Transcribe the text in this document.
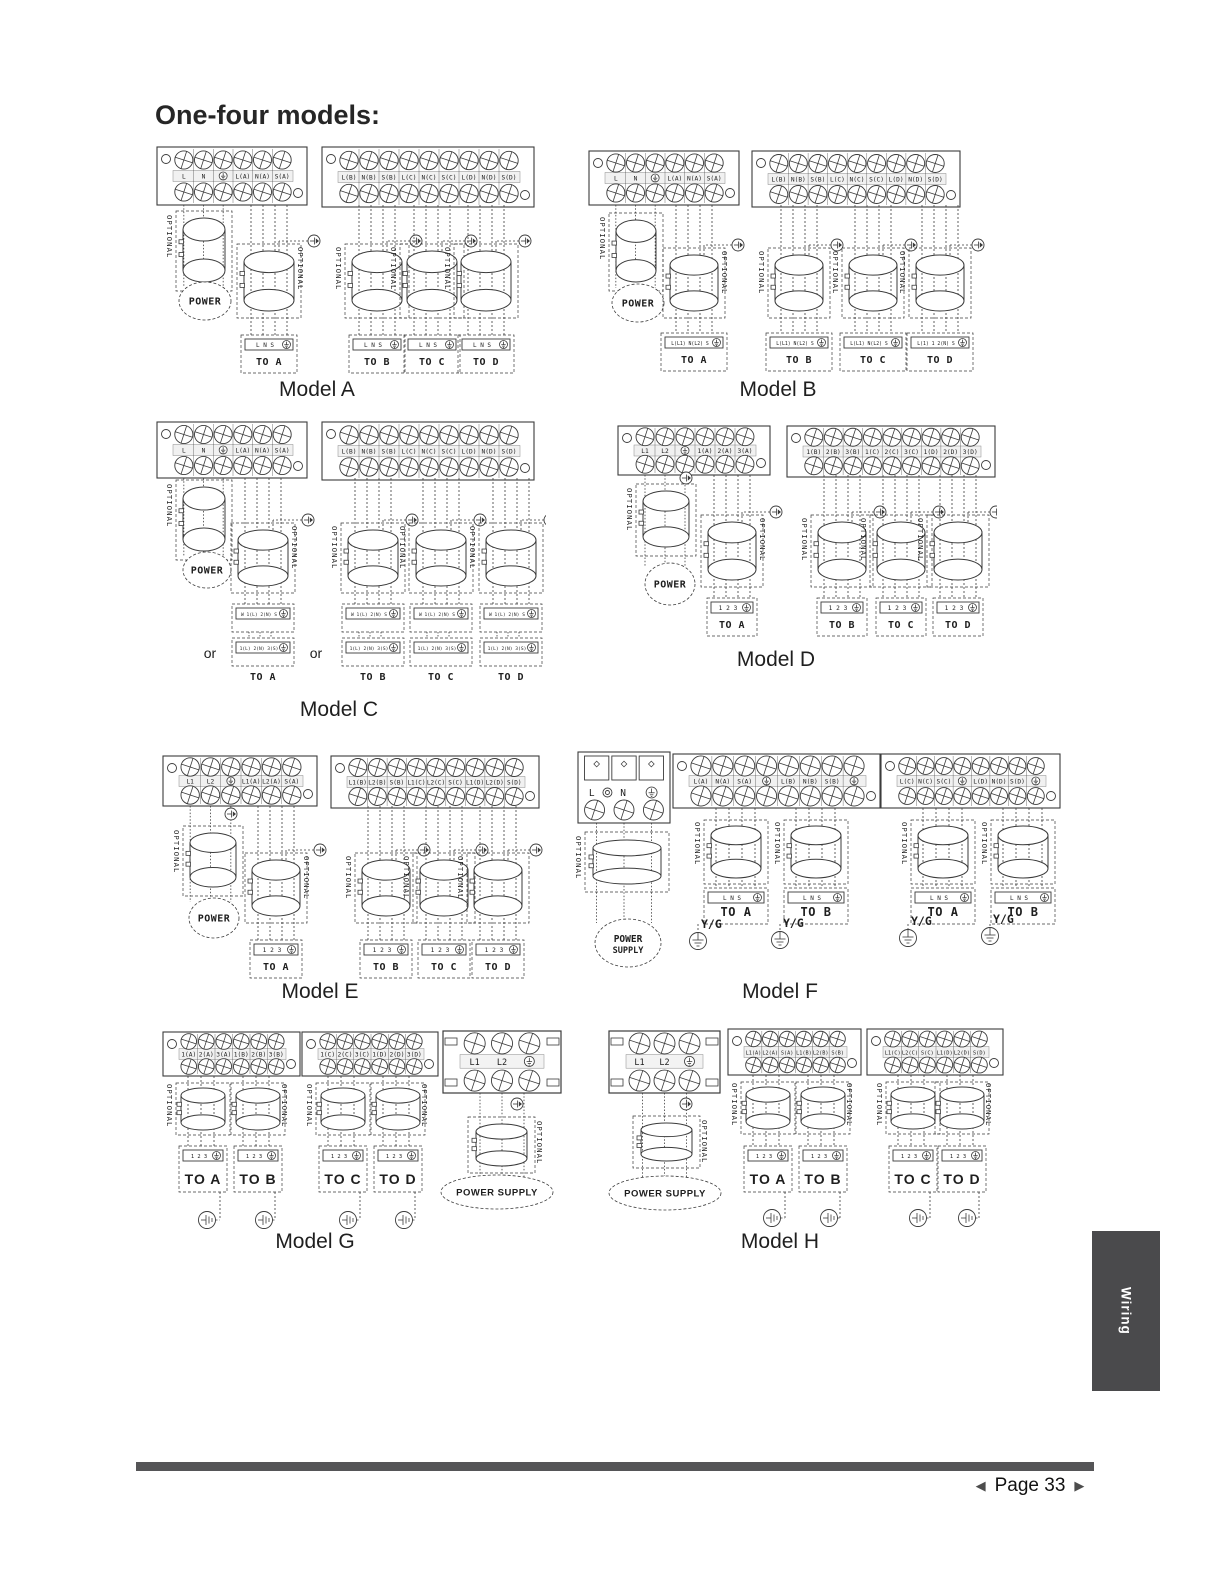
One-four models:
L	N	L(A) N(A) S(A)	L(B) N(B) S(B) L(C) N(C) S(C) L(D) N(D) S(D)
OPTIONAL
POWER
OPTIONAL
L N S
TO A
OPTIONAL
L N S
TO B
OPTIONAL
L N S
TO C
OPTIONAL
L N S
TO D
L	N	L(A) N(A) S(A)	L(B) N(B) S(B) L(C) N(C) S(C) L(D) N(D) S(D)
OPTIONAL
POWER
OPTIONAL
L(L1) N(L2) S
TO A
OPTIONAL
L(L1) N(L2) S
TO B
OPTIONAL
L(L1) N(L2) S
TO C
OPTIONAL
L(1) 1 2(N) S
TO D
L	N	L(A) N(A) S(A)	L(B) N(B) S(B) L(C) N(C) S(C) L(D) N(D) S(D)
OPTIONAL
POWER
OPTIONAL
W 1(L) 2(N) S
1(L) 2(N) 3(S)
TO A
OPTIONAL
W 1(L) 2(N) S
1(L) 2(N) 3(S)
TO B
OPTIONAL
W 1(L) 2(N) S
1(L) 2(N) 3(S)
TO C
OPTIONAL
W 1(L) 2(N) S
1(L) 2(N) 3(S)
TO D
or	or
L1 L2	1(A) 2(A) 3(A)	1(B) 2(B) 3(B) 1(C) 2(C) 3(C) 1(D) 2(D) 3(D)
OPTIONAL
POWER
OPTIONAL
1 2 3
TO A
OPTIONAL
1 2 3
TO B
OPTIONAL
1 2 3
TO C
OPTIONAL
1 2 3
TO D
L1 L2	L1(A) L2(A) S(A)	L1(B) L2(B) S(B) L1(C) L2(C) S(C) L1(D) L2(D) S(D)
OPTIONAL
POWER
OPTIONAL
1 2 3
TO A
OPTIONAL
1 2 3
TO B
OPTIONAL
1 2 3
TO C
OPTIONAL
1 2 3
TO D
L	N
OPTIONAL
POWER
SUPPLY
L(A) N(A) S(A)	L(B) N(B) S(B)	L(C) N(C) S(C)	L(D) N(D) S(D)
OPTIONAL
L N S
TO A
Y/G
OPTIONAL
L N S
TO B
Y/G
OPTIONAL
L N S
TO A
Y/G
OPTIONAL
L N S
TO B
Y/G
1(A) 2(A) 3(A) 1(B) 2(B) 3(B)	1(C) 2(C) 3(C) 1(D) 2(D) 3(D)
L1 L2
OPTIONAL
POWER SUPPLY
OPTIONAL
1 2 3
TO A
OPTIONAL
1 2 3
TO B
OPTIONAL
1 2 3
TO C
OPTIONAL
1 2 3
TO D
L1(A) L2(A) S(A) L1(B) L2(B) S(B)	L1(C) L2(C) S(C) L1(D) L2(D) S(D)
L1 L2
OPTIONAL
POWER SUPPLY
OPTIONAL
1 2 3
TO A
OPTIONAL
1 2 3
TO B
OPTIONAL
1 2 3
TO C
OPTIONAL
1 2 3
TO D
Model A	Model B
Model C
Model D
Model E	Model F
Model G	Model H
Wiring
◀ Page 33 ▶
